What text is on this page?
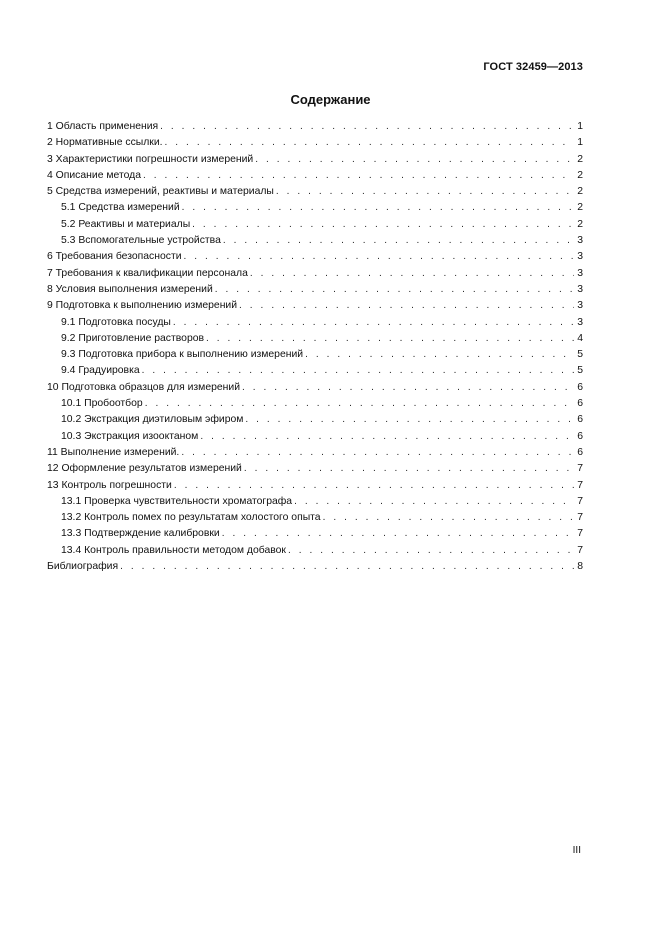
ГОСТ 32459—2013
Содержание
1 Область применения . . .	1
2 Нормативные ссылки. . . .	1
3 Характеристики погрешности измерений . . .	2
4 Описание метода . . .	2
5 Средства измерений, реактивы и материалы . . .	2
5.1 Средства измерений . . .	2
5.2 Реактивы и материалы . . .	2
5.3 Вспомогательные устройства . . .	3
6 Требования безопасности . . .	3
7 Требования к квалификации персонала . . .	3
8 Условия выполнения измерений . . .	3
9 Подготовка к выполнению измерений . . .	3
9.1 Подготовка посуды . . .	3
9.2 Приготовление растворов . . .	4
9.3 Подготовка прибора к выполнению измерений . . .	5
9.4 Градуировка . . .	5
10 Подготовка образцов для измерений . . .	6
10.1 Пробоотбор . . .	6
10.2 Экстракция диэтиловым эфиром . . .	6
10.3 Экстракция изооктаном . . .	6
11 Выполнение измерений. . . .	6
12 Оформление результатов измерений . . .	7
13 Контроль погрешности . . .	7
13.1 Проверка чувствительности хроматографа . . .	7
13.2 Контроль помех по результатам холостого опыта . . .	7
13.3 Подтверждение калибровки . . .	7
13.4 Контроль правильности методом добавок . . .	7
Библиография . . .	8
III
